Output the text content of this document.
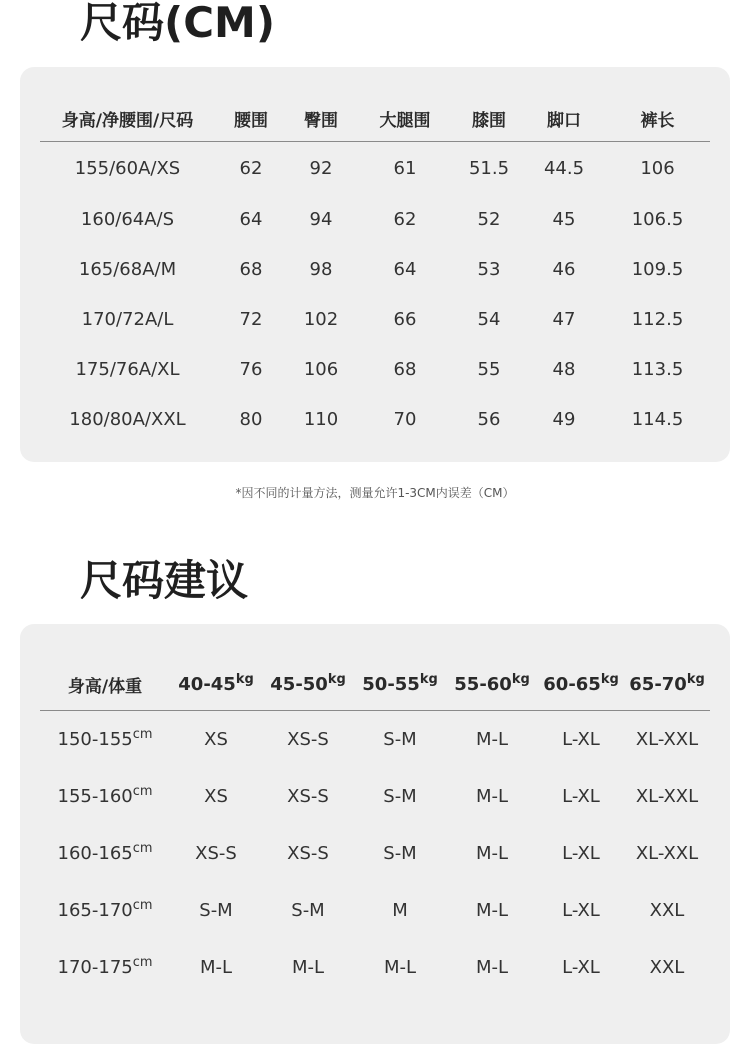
尺码(CM)
身高/净腰围/尺码	腰围	臀围	大腿围	膝围	脚口	裤长
155/60A/XS	62	92	61	51.5	44.5	106
160/64A/S	64	94	62	52	45	106.5
165/68A/M	68	98	64	53	46	109.5
170/72A/L	72	102	66	54	47	112.5
175/76A/XL	76	106	68	55	48	113.5
180/80A/XXL	80	110	70	56	49	114.5
*因不同的计量方法，测量允许1-3CM内误差（CM）
尺码建议
身高/体重	$40-45^{kg}$	$45-50^{kg}$	$50-55^{kg}$	$55-60^{kg}$	$60-65^{kg}$	$65-70^{kg}$
$150-155^{cm}$	XS	XS-S	S-M	M-L	L-XL	XL-XXL
$155-160^{cm}$	XS	XS-S	S-M	M-L	L-XL	XL-XXL
$160-165^{cm}$	XS-S	XS-S	S-M	M-L	L-XL	XL-XXL
$165-170^{cm}$	S-M	S-M	M	M-L	L-XL	XXL
$170-175^{cm}$	M-L	M-L	M-L	M-L	L-XL	XXL
